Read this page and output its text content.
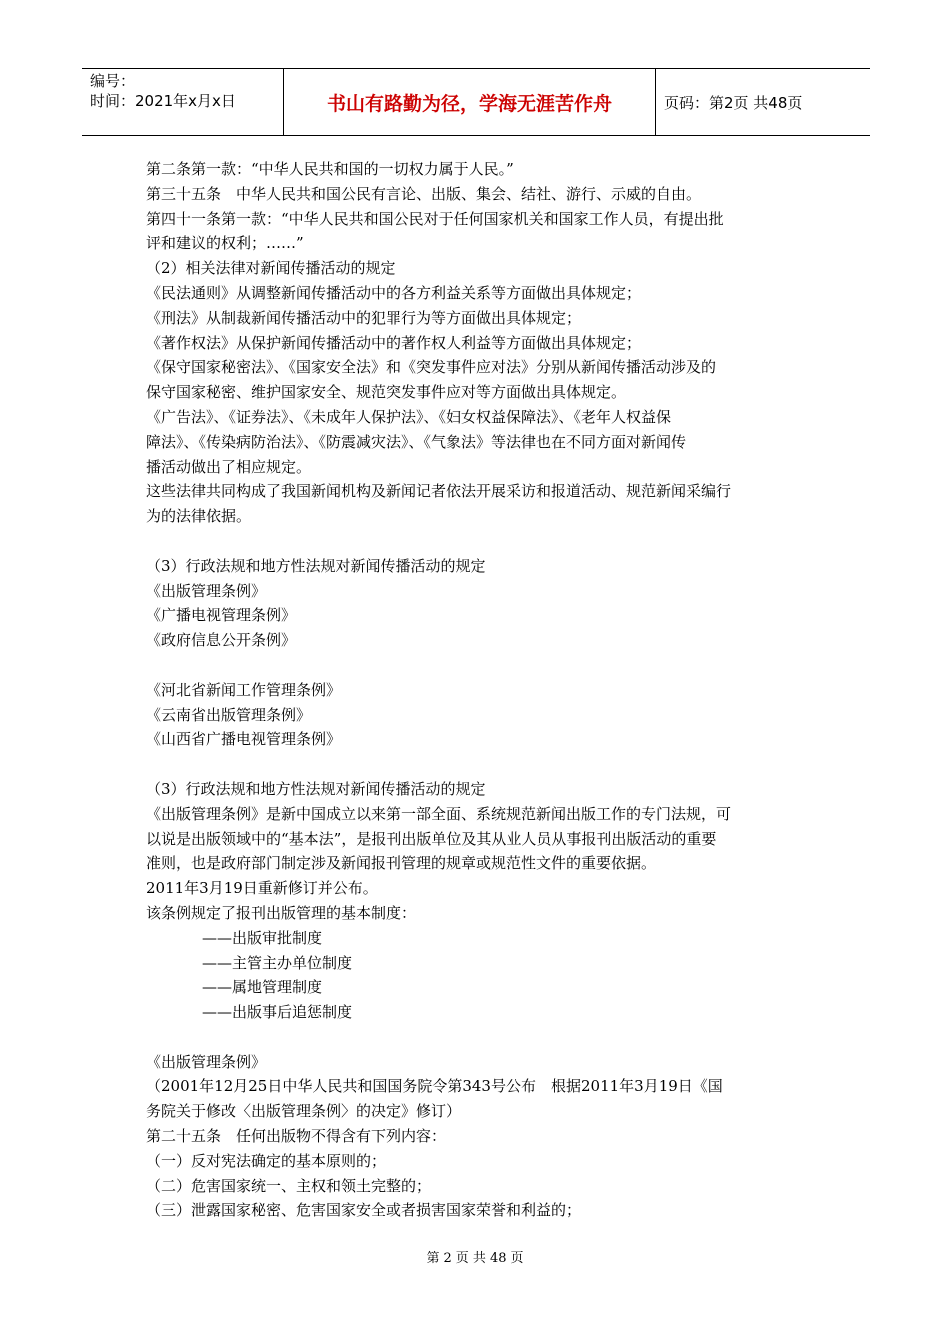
编号：
时间：2021年x月x日	书山有路勤为径，学海无涯苦作舟	页码：第2页 共48页

第二条第一款：“中华人民共和国的一切权力属于人民。”

第三十五条　中华人民共和国公民有言论、出版、集会、结社、游行、示威的自由。

第四十一条第一款：“中华人民共和国公民对于任何国家机关和国家工作人员，有提出批

评和建议的权利；……”

（2）相关法律对新闻传播活动的规定

《民法通则》从调整新闻传播活动中的各方利益关系等方面做出具体规定；

《刑法》从制裁新闻传播活动中的犯罪行为等方面做出具体规定；

《著作权法》从保护新闻传播活动中的著作权人利益等方面做出具体规定；

《保守国家秘密法》、《国家安全法》和《突发事件应对法》分别从新闻传播活动涉及的

保守国家秘密、维护国家安全、规范突发事件应对等方面做出具体规定。

《广告法》、《证券法》、《未成年人保护法》、《妇女权益保障法》、《老年人权益保

障法》、《传染病防治法》、《防震减灾法》、《气象法》等法律也在不同方面对新闻传

播活动做出了相应规定。

这些法律共同构成了我国新闻机构及新闻记者依法开展采访和报道活动、规范新闻采编行

为的法律依据。

（3）行政法规和地方性法规对新闻传播活动的规定

《出版管理条例》

《广播电视管理条例》

《政府信息公开条例》

《河北省新闻工作管理条例》

《云南省出版管理条例》

《山西省广播电视管理条例》

（3）行政法规和地方性法规对新闻传播活动的规定

《出版管理条例》是新中国成立以来第一部全面、系统规范新闻出版工作的专门法规，可

以说是出版领域中的“基本法”，是报刊出版单位及其从业人员从事报刊出版活动的重要

准则，也是政府部门制定涉及新闻报刊管理的规章或规范性文件的重要依据。

2011年3月19日重新修订并公布。

该条例规定了报刊出版管理的基本制度：

——出版审批制度

——主管主办单位制度

——属地管理制度

——出版事后追惩制度

《出版管理条例》

（2001年12月25日中华人民共和国国务院令第343号公布　根据2011年3月19日《国

务院关于修改〈出版管理条例〉的决定》修订）

第二十五条　任何出版物不得含有下列内容：

（一）反对宪法确定的基本原则的；

（二）危害国家统一、主权和领土完整的；

（三）泄露国家秘密、危害国家安全或者损害国家荣誉和利益的；

第 2 页 共 48 页
